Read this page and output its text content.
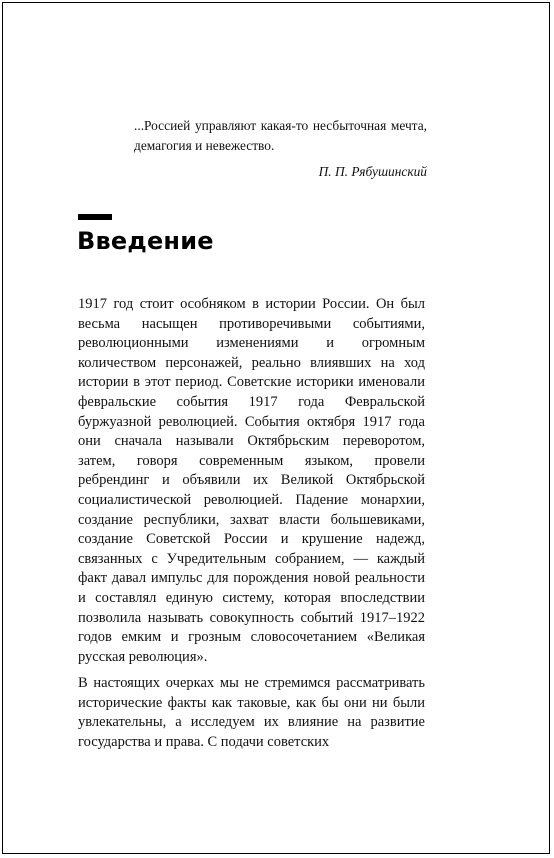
...Россией управляют какая-то несбыточная мечта, демагогия и невежество.

П. П. Рябушинский

Введение

1917 год стоит особняком в истории России. Он был весьма насыщен противоречивыми событиями, революционными изменениями и огромным количеством персонажей, реально влиявших на ход истории в этот период. Советские историки именовали февральские события 1917 года Февральской буржуазной революцией. События октября 1917 года они сначала называли Октябрьским переворотом, затем, говоря современным языком, провели ребрендинг и объявили их Великой Октябрьской социалистической революцией. Падение монархии, создание республики, захват власти большевиками, создание Советской России и крушение надежд, связанных с Учредительным собранием, — каждый факт давал импульс для порождения новой реальности и составлял единую систему, которая впоследствии позволила называть совокупность событий 1917–1922 годов емким и грозным словосочетанием «Великая русская революция».

В настоящих очерках мы не стремимся рассматривать исторические факты как таковые, как бы они ни были увлекательны, а исследуем их влияние на развитие государства и права. С подачи советских
